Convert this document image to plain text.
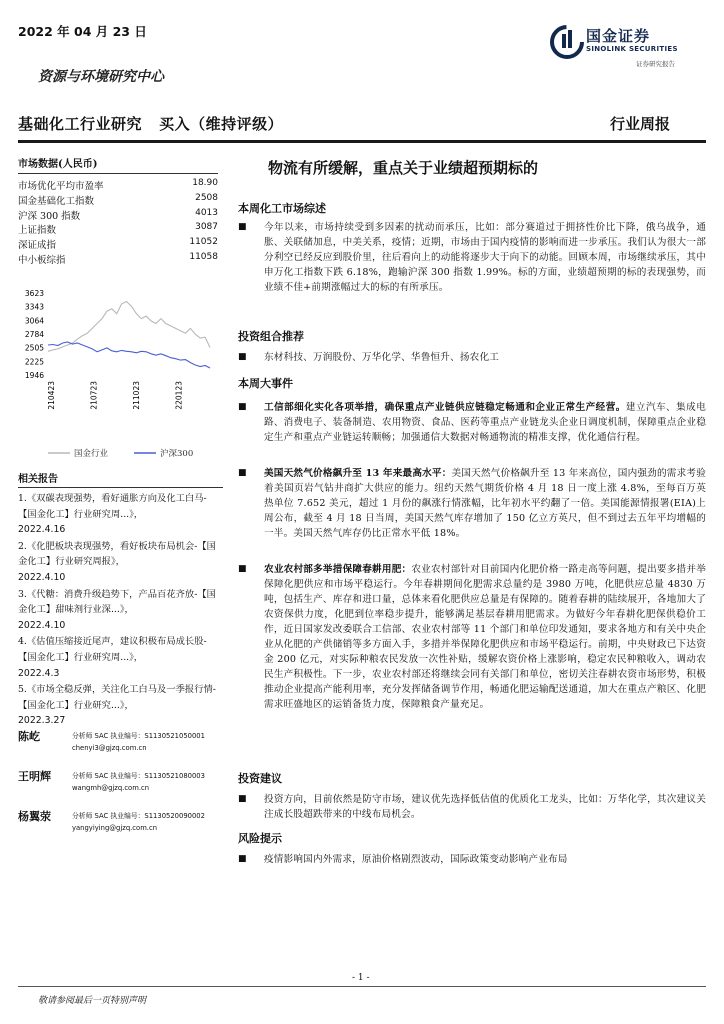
2022 年 04 月 23 日
资源与环境研究中心
国金证券
SINOLINK SECURITIES
证券研究报告
基础化工行业研究   买入（维持评级）	行业周报
物流有所缓解，重点关于业绩超预期标的
市场数据(人民币)
市场优化平均市盈率	18.90
国金基础化工指数	2508
沪深 300 指数	4013
上证指数	3087
深证成指	11052
中小板综指	11058
3623
3343
3064
2784
2505
2225
1946
210423	210723	211023	220123
国金行业	沪深300
相关报告
1.《双碳表现强势，看好通胀方向及化工白马-【国金化工】行业研究周...》，
2022.4.16
2.《化肥板块表现强势，看好板块布局机会-【国金化工】行业研究周报》，
2022.4.10
3.《代糖：消费升级趋势下，产品百花齐放-【国金化工】甜味剂行业深...》，
2022.4.10
4.《估值压缩接近尾声，建议积极布局成长股-【国金化工】行业研究周...》，
2022.4.3
5.《市场全稳反弹，关注化工白马及一季报行情-【国金化工】行业研究...》，
2022.3.27
陈屹	分析师 SAC 执业编号：S1130521050001
chenyi3@gjzq.com.cn
王明辉	分析师 SAC 执业编号：S1130521080003
wangmh@gjzq.com.cn
杨翼荥	分析师 SAC 执业编号：S1130520090002
yangyiying@gjzq.com.cn
本周化工市场综述
■ 今年以来，市场持续受到多因素的扰动而承压，比如：部分赛道过于拥挤性价比下降，俄乌战争，通胀、关联储加息，中美关系，疫情；近期，市场由于国内疫情的影响而进一步承压。我们认为很大一部分利空已经反应到股价里，往后看向上的动能将逐步大于向下的动能。回顾本周，市场继续承压，其中申万化工指数下跌 6.18%，跑输沪深 300 指数 1.99%。标的方面，业绩超预期的标的表现强势，而业绩不佳+前期涨幅过大的标的有所承压。
投资组合推荐
■ 东材科技、万润股份、万华化学、华鲁恒升、扬农化工
本周大事件
■ 工信部细化实化各项举措，确保重点产业链供应链稳定畅通和企业正常生产经营。建立汽车、集成电路、消费电子、装备制造、农用物资、食品、医药等重点产业链龙头企业日调度机制，保障重点企业稳定生产和重点产业链运转顺畅；加强通信大数据对畅通物流的精准支撑，优化通信行程。
■ 美国天然气价格飙升至 13 年来最高水平：美国天然气价格飙升至 13 年来高位，国内强劲的需求考验着美国页岩气钻井商扩大供应的能力。纽约天然气期货价格 4 月 18 日一度上涨 4.8%，至每百万英热单位 7.652 美元，超过 1 月份的飙涨行情涨幅，比年初水平约翻了一倍。美国能源情报署(EIA)上周公布，截至 4 月 18 日当周，美国天然气库存增加了 150 亿立方英尺，但不到过去五年平均增幅的一半。美国天然气库存仍比正常水平低 18%。
■ 农业农村部多举措保障春耕用肥：农业农村部针对目前国内化肥价格一路走高等问题，提出要多措并举保障化肥供应和市场平稳运行。今年春耕期间化肥需求总量约是 3980 万吨，化肥供应总量 4830 万吨，包括生产、库存和进口量，总体来看化肥供应总量是有保障的。随着春耕的陆续展开，各地加大了农资保供力度，化肥到位率稳步提升，能够满足基层春耕用肥需求。为做好今年春耕化肥保供稳价工作，近日国家发改委联合工信部、农业农村部等 11 个部门和单位印发通知，要求各地方和有关中央企业从化肥的产供储销等多方面入手，多措并举保障化肥供应和市场平稳运行。前期，中央财政已下达资金 200 亿元，对实际种粮农民发放一次性补贴，缓解农资价格上涨影响，稳定农民种粮收入，调动农民生产积极性。下一步，农业农村部还将继续会同有关部门和单位，密切关注春耕农资市场形势，积极推动企业提高产能利用率，充分发挥储备调节作用，畅通化肥运输配送通道，加大在重点产粮区、化肥需求旺盛地区的运销备货力度，保障粮食产量充足。
投资建议
■ 投资方向，目前依然是防守市场，建议优先选择低估值的优质化工龙头，比如：万华化学，其次建议关注成长股超跌带来的中线布局机会。
风险提示
■ 疫情影响国内外需求，原油价格剧烈波动，国际政策变动影响产业布局
- 1 -
敬请参阅最后一页特别声明
